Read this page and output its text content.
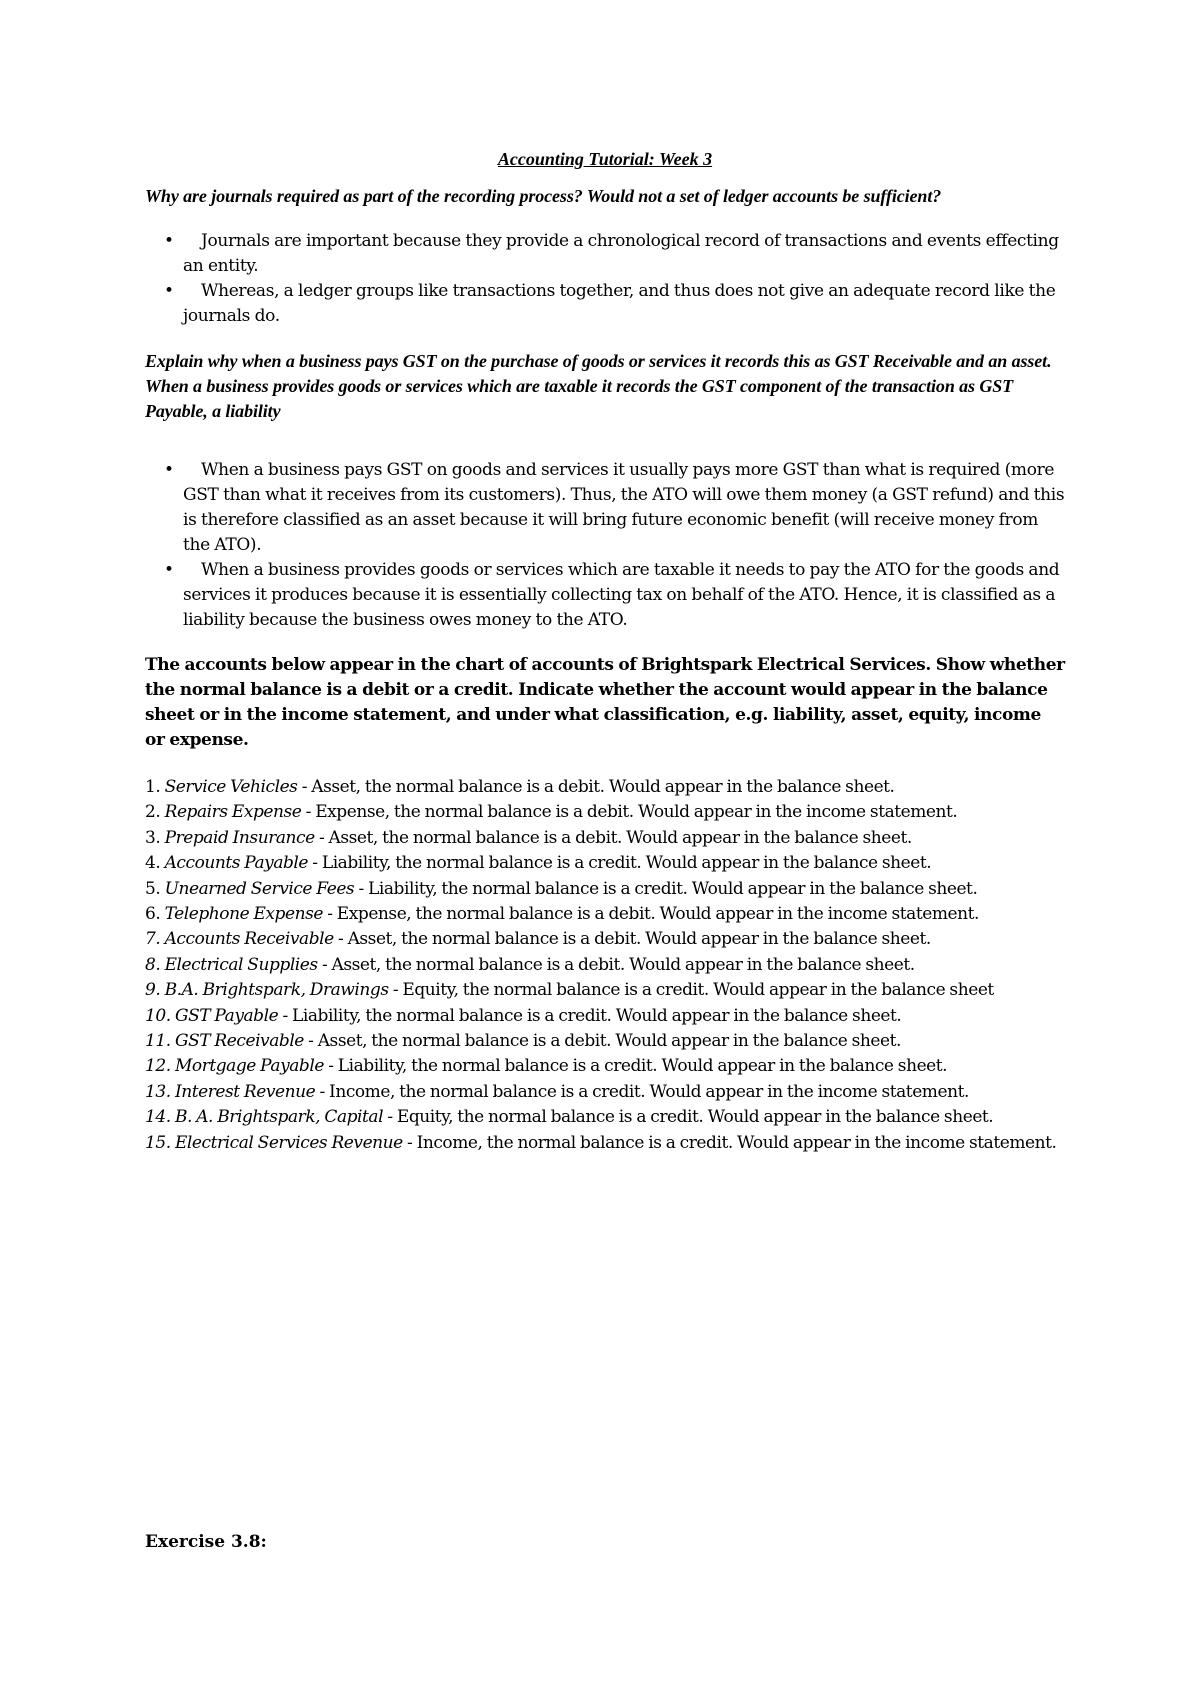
Accounting Tutorial: Week 3
Why are journals required as part of the recording process? Would not a set of ledger accounts be sufficient?
•	Journals are important because they provide a chronological record of transactions and events effecting an entity.
•	Whereas, a ledger groups like transactions together, and thus does not give an adequate record like the journals do.
Explain why when a business pays GST on the purchase of goods or services it records this as GST Receivable and an asset. When a business provides goods or services which are taxable it records the GST component of the transaction as GST Payable, a liability
•	When a business pays GST on goods and services it usually pays more GST than what is required (more GST than what it receives from its customers). Thus, the ATO will owe them money (a GST refund) and this is therefore classified as an asset because it will bring future economic benefit (will receive money from the ATO).
•	When a business provides goods or services which are taxable it needs to pay the ATO for the goods and services it produces because it is essentially collecting tax on behalf of the ATO. Hence, it is classified as a liability because the business owes money to the ATO.
The accounts below appear in the chart of accounts of Brightspark Electrical Services. Show whether the normal balance is a debit or a credit. Indicate whether the account would appear in the balance sheet or in the income statement, and under what classification, e.g. liability, asset, equity, income or expense.
1. Service Vehicles - Asset, the normal balance is a debit. Would appear in the balance sheet.
2. Repairs Expense - Expense, the normal balance is a debit. Would appear in the income statement.
3. Prepaid Insurance - Asset, the normal balance is a debit. Would appear in the balance sheet.
4. Accounts Payable - Liability, the normal balance is a credit. Would appear in the balance sheet.
5. Unearned Service Fees - Liability, the normal balance is a credit. Would appear in the balance sheet.
6. Telephone Expense - Expense, the normal balance is a debit. Would appear in the income statement.
7. Accounts Receivable - Asset, the normal balance is a debit. Would appear in the balance sheet.
8. Electrical Supplies - Asset, the normal balance is a debit. Would appear in the balance sheet.
9. B.A. Brightspark, Drawings - Equity, the normal balance is a credit. Would appear in the balance sheet
10. GST Payable - Liability, the normal balance is a credit. Would appear in the balance sheet.
11. GST Receivable - Asset, the normal balance is a debit. Would appear in the balance sheet.
12. Mortgage Payable - Liability, the normal balance is a credit. Would appear in the balance sheet.
13. Interest Revenue - Income, the normal balance is a credit. Would appear in the income statement.
14. B. A. Brightspark, Capital - Equity, the normal balance is a credit. Would appear in the balance sheet.
15. Electrical Services Revenue - Income, the normal balance is a credit. Would appear in the income statement.
Exercise 3.8:
